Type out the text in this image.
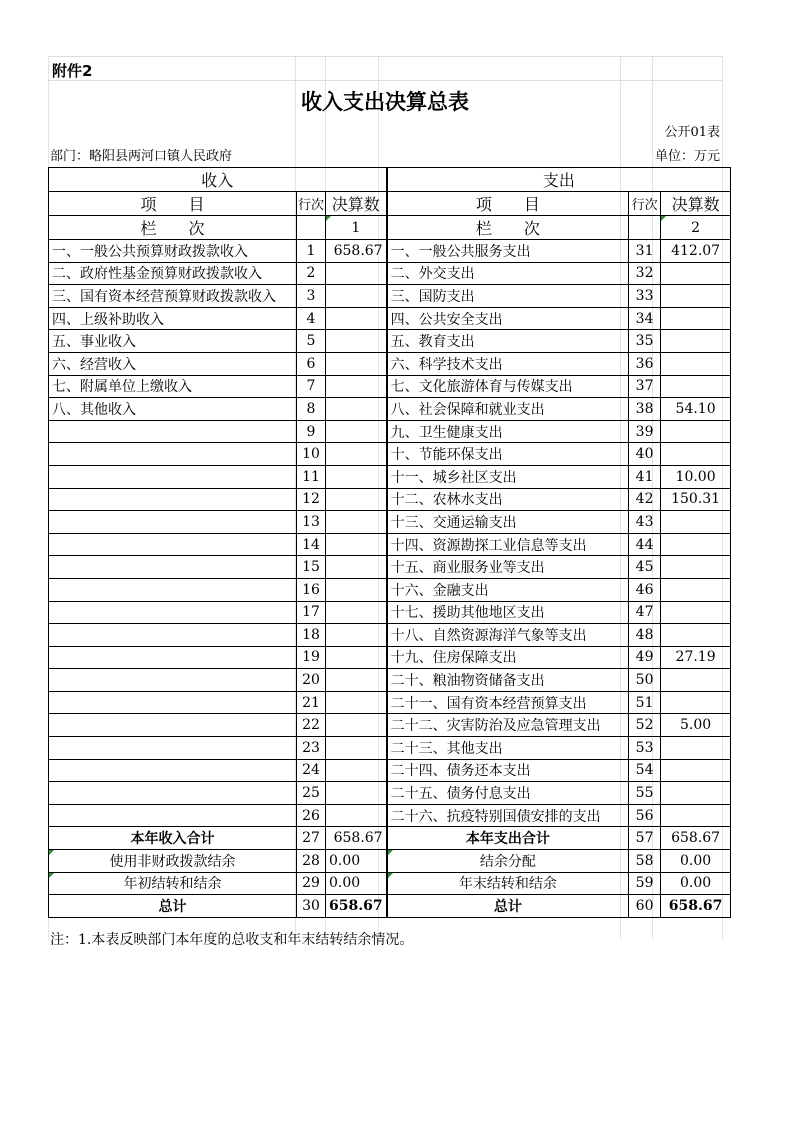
附件2
收入支出决算总表
公开01表
部门：略阳县两河口镇人民政府	单位：万元
收入			支出		
项　　目	行次	决算数	项　　目	行次	决算数
栏　　次		1	栏　　次		2
一、一般公共预算财政拨款收入	1	658.67	一、一般公共服务支出	31	412.07
二、政府性基金预算财政拨款收入	2		二、外交支出	32	
三、国有资本经营预算财政拨款收入	3		三、国防支出	33	
四、上级补助收入	4		四、公共安全支出	34	
五、事业收入	5		五、教育支出	35	
六、经营收入	6		六、科学技术支出	36	
七、附属单位上缴收入	7		七、文化旅游体育与传媒支出	37	
八、其他收入	8		八、社会保障和就业支出	38	54.10
	9		九、卫生健康支出	39	
	10		十、节能环保支出	40	
	11		十一、城乡社区支出	41	10.00
	12		十二、农林水支出	42	150.31
	13		十三、交通运输支出	43	
	14		十四、资源勘探工业信息等支出	44	
	15		十五、商业服务业等支出	45	
	16		十六、金融支出	46	
	17		十七、援助其他地区支出	47	
	18		十八、自然资源海洋气象等支出	48	
	19		十九、住房保障支出	49	27.19
	20		二十、粮油物资储备支出	50	
	21		二十一、国有资本经营预算支出	51	
	22		二十二、灾害防治及应急管理支出	52	5.00
	23		二十三、其他支出	53	
	24		二十四、债务还本支出	54	
	25		二十五、债务付息支出	55	
	26		二十六、抗疫特别国债安排的支出	56	
本年收入合计	27	658.67	本年支出合计	57	658.67
使用非财政拨款结余	28	0.00	结余分配	58	0.00
年初结转和结余	29	0.00	年末结转和结余	59	0.00
总计	30	658.67	总计	60	658.67
注：1.本表反映部门本年度的总收支和年末结转结余情况。
